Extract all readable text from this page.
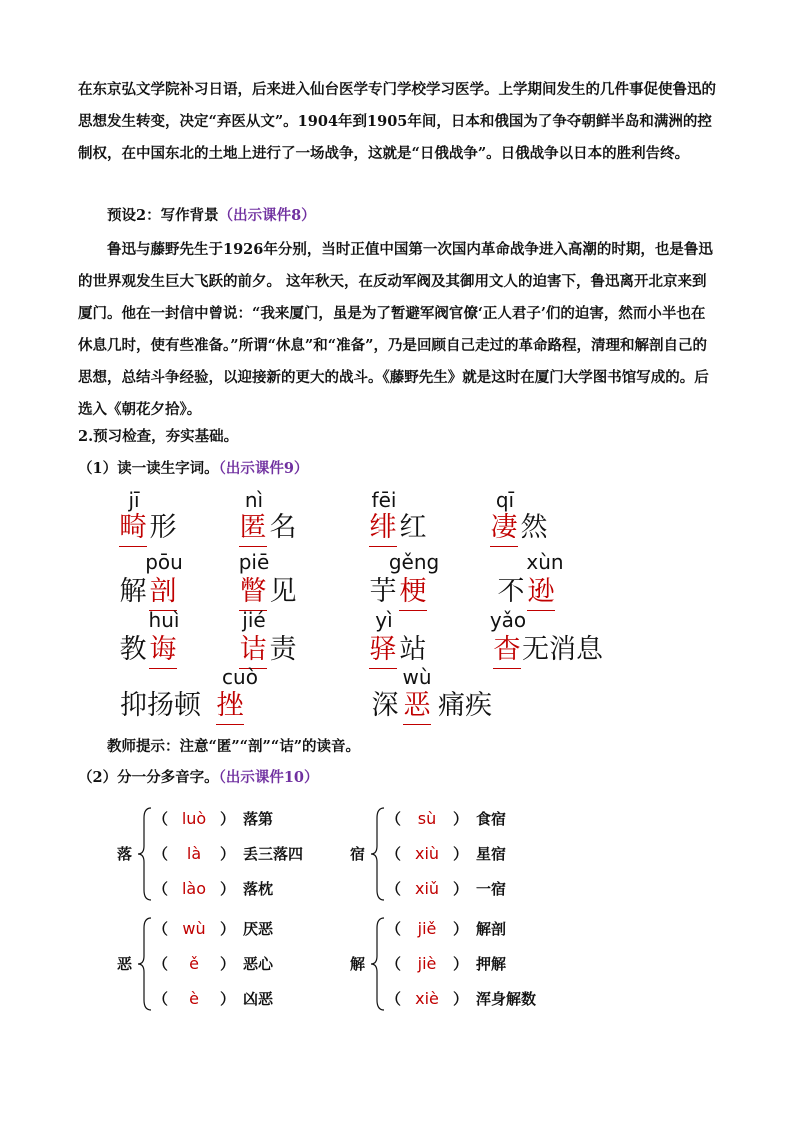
在东京弘文学院补习日语，后来进入仙台医学专门学校学习医学。上学期间发生的几件事促使鲁迅的思想发生转变，决定“弃医从文”。1904年到1905年间，日本和俄国为了争夺朝鲜半岛和满洲的控制权，在中国东北的土地上进行了一场战争，这就是“日俄战争”。日俄战争以日本的胜利告终。

预设2：写作背景（出示课件8）

鲁迅与藤野先生于1926年分别，当时正值中国第一次国内革命战争进入高潮的时期，也是鲁迅的世界观发生巨大飞跃的前夕。 这年秋天，在反动军阀及其御用文人的迫害下，鲁迅离开北京来到厦门。他在一封信中曾说：“我来厦门，虽是为了暂避军阀官僚‘正人君子’们的迫害，然而小半也在休息几时，使有些准备。”所谓“休息”和“准备”，乃是回顾自己走过的革命路程，清理和解剖自己的思想，总结斗争经验，以迎接新的更大的战斗。《藤野先生》就是这时在厦门大学图书馆写成的。后选入《朝花夕拾》。

2.预习检查，夯实基础。
（1）读一读生字词。（出示课件9）
jī
畸 形
nì
匿 名
fēi
绯 红
qī
凄 然
pōu
解 剖
piē
瞥 见
gěng
芋 梗
xùn
不 逊
huì
教 诲
jié
诘 责
yì
驿 站
yǎo
杳无消息
cuò
抑扬顿 挫
wù
深 恶 痛疾
教师提示：注意“匿”“剖”“诘”的读音。
（2）分一分多音字。（出示课件10）
落
（ luò ） 落第
（ là ） 丢三落四
（ lào ） 落枕
宿
（ sù ） 食宿
（ xiù ） 星宿
（ xiǔ ） 一宿
恶
（ wù ） 厌恶
（ ě ） 恶心
（ è ） 凶恶
解
（ jiě ） 解剖
（ jiè ） 押解
（ xiè ） 浑身解数
